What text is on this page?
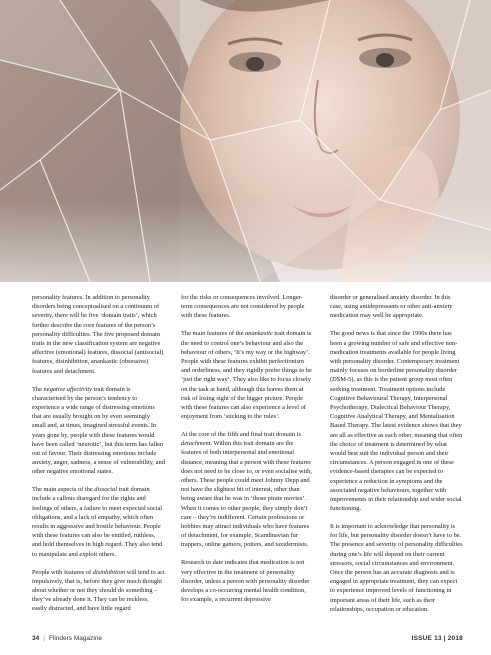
personality features. In addition to personality disorders being conceptualised on a continuum of severity, there will be five ‘domain traits’, which further describe the core features of the person’s personality difficulties. The five proposed domain traits in the new classification system are negative affective (emotional) features, dissocial (antisocial) features, disinhibition, anankastic (obsessive) features and detachment.

The negative affectivity trait domain is characterised by the person’s tendency to experience a wide range of distressing emotions that are usually brought on by even seemingly small and, at times, imagined stressful events. In years gone by, people with these features would have been called ‘neurotic’, but this term has fallen out of favour. Their distressing emotions include anxiety, anger, sadness, a sense of vulnerability, and other negative emotional states.

The main aspects of the dissocial trait domain include a callous disregard for the rights and feelings of others, a failure to meet expected social obligations, and a lack of empathy, which often results in aggressive and hostile behaviour. People with these features can also be entitled, ruthless, and hold themselves in high regard. They also tend to manipulate and exploit others.

People with features of disinhibition will tend to act impulsively, that is, before they give much thought about whether or not they should do something – they’ve already done it. They can be reckless, easily distracted, and have little regard

for the risks or consequences involved. Longer-term consequences are not considered by people with these features.

The main features of the anankastic trait domain is the need to control one’s behaviour and also the behaviour of others, ‘It’s my way or the highway’. People with these features exhibit perfectionism and orderliness, and they rigidly prefer things to be ‘just the right way’. They also like to focus closely on the task at hand, although this leaves them at risk of losing sight of the bigger picture. People with these features can also experience a level of enjoyment from ‘sticking to the rules’.

At the core of the fifth and final trait domain is detachment. Within this trait domain are the features of both interpersonal and emotional distance, meaning that a person with these features does not need to be close to, or even socialise with, others. These people could meet Johnny Depp and not have the slightest bit of interest, other than being aware that he was in ‘those pirate movies’. When it comes to other people, they simply don’t care – they’re indifferent. Certain professions or hobbies may attract individuals who have features of detachment, for example, Scandinavian fur trappers, online gamers, potters, and taxidermists.

Research to date indicates that medication is not very effective in the treatment of personality disorder, unless a person with personality disorder develops a co-occurring mental health condition, for example, a recurrent depressive

disorder or generalised anxiety disorder. In this case, using antidepressants or other anti-anxiety medication may well be appropriate.

The good news is that since the 1990s there has been a growing number of safe and effective non-medication treatments available for people living with personality disorder. Contemporary treatment mainly focuses on borderline personality disorder (DSM-5), as this is the patient group most often seeking treatment. Treatment options include Cognitive Behavioural Therapy, Interpersonal Psychotherapy, Dialectical Behaviour Therapy, Cognitive Analytical Therapy, and Mentalisation Based Therapy. The latest evidence shows that they are all as effective as each other, meaning that often the choice of treatment is determined by what would best suit the individual person and their circumstances. A person engaged in one of these evidence-based therapies can be expected to experience a reduction in symptoms and the associated negative behaviours, together with improvements in their relationship and wider social functioning.

It is important to acknowledge that personality is for life, but personality disorder doesn’t have to be. The presence and severity of personality difficulties during one’s life will depend on their current stressors, social circumstances and environment. Once the person has an accurate diagnosis and is engaged in appropriate treatment, they can expect to experience improved levels of functioning in important areas of their life, such as their relationships, occupation or education.

34 | Flinders Magazine	ISSUE 13 | 2018
